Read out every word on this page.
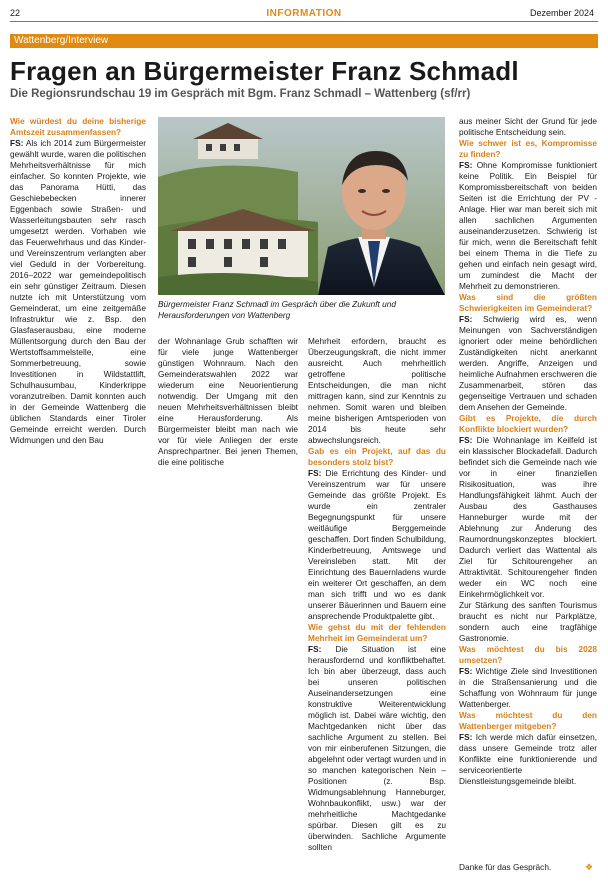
22	INFORMATION	Dezember 2024
Wattenberg/Interview
Fragen an Bürgermeister Franz Schmadl
Die Regionsrundschau 19 im Gespräch mit Bgm. Franz Schmadl – Wattenberg (sf/rr)

Wie würdest du deine bisherige Amtszeit zusammenfassen?
FS: Als ich 2014 zum Bürgermeister gewählt wurde, waren die politischen Mehrheitsverhältnisse für mich einfacher. So konnten Projekte, wie das Panorama Hütti, das Geschiebebecken innerer Eggenbach sowie Straßen- und Wasserleitungsbauten sehr rasch umgesetzt werden. Vorhaben wie das Feuerwehrhaus und das Kinder- und Vereinszentrum verlangten aber viel Geduld in der Vorbereitung. 2016–2022 war gemeindepolitisch ein sehr günstiger Zeitraum. Diesen nutzte ich mit Unterstützung vom Gemeinderat, um eine zeitgemäße Infrastruktur wie z. Bsp. den Glasfaserausbau, eine moderne Müllentsorgung durch den Bau der Wertstoffsammelstelle, eine Sommerbetreuung, sowie Investitionen in Wildstattlift, Schulhausumbau, Kinderkrippe voranzutreiben. Damit konnten auch in der Gemeinde Wattenberg die üblichen Standards einer Tiroler Gemeinde erreicht werden. Durch Widmungen und den Bau

Bürgermeister Franz Schmadl im Gespräch über die Zukunft und Herausforderungen von Wattenberg

der Wohnanlage Grub schafften wir für viele junge Wattenberger günstigen Wohnraum. Nach den Gemeinderatswahlen 2022 war wiederum eine Neuorientierung notwendig. Der Umgang mit den neuen Mehrheitsverhältnissen bleibt eine Herausforderung. Als Bürgermeister bleibt man nach wie vor für viele Anliegen der erste Ansprechpartner. Bei jenen Themen, die eine politische

Mehrheit erfordern, braucht es Überzeugungskraft, die nicht immer ausreicht. Auch mehrheitlich getroffene politische Entscheidungen, die man nicht mittragen kann, sind zur Kenntnis zu nehmen. Somit waren und bleiben meine bisherigen Amtsperioden von 2014 bis heute sehr abwechslungsreich.

Gab es ein Projekt, auf das du besonders stolz bist?
FS: Die Errichtung des Kinder- und Vereinszentrum war für unsere Gemeinde das größte Projekt. Es wurde ein zentraler Begegnungspunkt für unsere weitläufige Berggemeinde geschaffen. Dort finden Schulbildung, Kinderbetreuung, Amtswege und Vereinsleben statt. Mit der Einrichtung des Bauernladens wurde ein weiterer Ort geschaffen, an dem man sich trifft und wo es dank unserer Bäuerinnen und Bauern eine ansprechende Produktpalette gibt.

Wie gehst du mit der fehlenden Mehrheit im Gemeinderat um?
FS: Die Situation ist eine herausfordernd und konfliktbehaftet. Ich bin aber überzeugt, dass auch bei unseren politischen Auseinandersetzungen eine konstruktive Weiterentwicklung möglich ist. Dabei wäre wichtig, den Machtgedanken nicht über das sachliche Argument zu stellen. Bei von mir einberufenen Sitzungen, die abgelehnt oder vertagt wurden und in so manchen kategorischen Nein – Positionen (z. Bsp. Widmungsablehnung Hanneburger, Wohnbaukonflikt, usw.) war der mehrheitliche Machtgedanke spürbar. Diesen gilt es zu überwinden. Sachliche Argumente sollten

aus meiner Sicht der Grund für jede politische Entscheidung sein.

Wie schwer ist es, Kompromisse zu finden?
FS: Ohne Kompromisse funktioniert keine Politik. Ein Beispiel für Kompromissbereitschaft von beiden Seiten ist die Errichtung der PV - Anlage. Hier war man bereit sich mit allen sachlichen Argumenten auseinanderzusetzen. Schwierig ist für mich, wenn die Bereitschaft fehlt bei einem Thema in die Tiefe zu gehen und einfach nein gesagt wird, um zumindest die Macht der Mehrheit zu demonstrieren.

Was sind die größten Schwierigkeiten im Gemeinderat?
FS: Schwierig wird es, wenn Meinungen von Sachverständigen ignoriert oder meine behördlichen Zuständigkeiten nicht anerkannt werden. Angriffe, Anzeigen und heimliche Aufnahmen erschweren die Zusammenarbeit, stören das gegenseitige Vertrauen und schaden dem Ansehen der Gemeinde.
Gibt es Projekte, die durch Konflikte blockiert wurden?
FS: Die Wohnanlage im Keilfeld ist ein klassischer Blockadefall. Dadurch befindet sich die Gemeinde nach wie vor in einer finanziellen Risikosituation, was ihre Handlungsfähigkeit lähmt. Auch der Ausbau des Gasthauses Hanneburger wurde mit der Ablehnung zur Änderung des Raumordnungskonzeptes blockiert. Dadurch verliert das Wattental als Ziel für Schitourengeher an Attraktivität. Schitourengeher finden weder ein WC noch eine Einkehrmöglichkeit vor.

Zur Stärkung des sanften Tourismus braucht es nicht nur Parkplätze, sondern auch eine tragfähige Gastronomie.

Was möchtest du bis 2028 umsetzen?
FS: Wichtige Ziele sind Investitionen in die Straßensanierung und die Schaffung von Wohnraum für junge Wattenberger.

Was möchtest du den Wattenberger mitgeben?
FS: Ich werde mich dafür einsetzen, dass unsere Gemeinde trotz aller Konflikte eine funktionierende und serviceorientierte Dienstleistungsgemeinde bleibt.

Danke für das Gespräch.	❖
